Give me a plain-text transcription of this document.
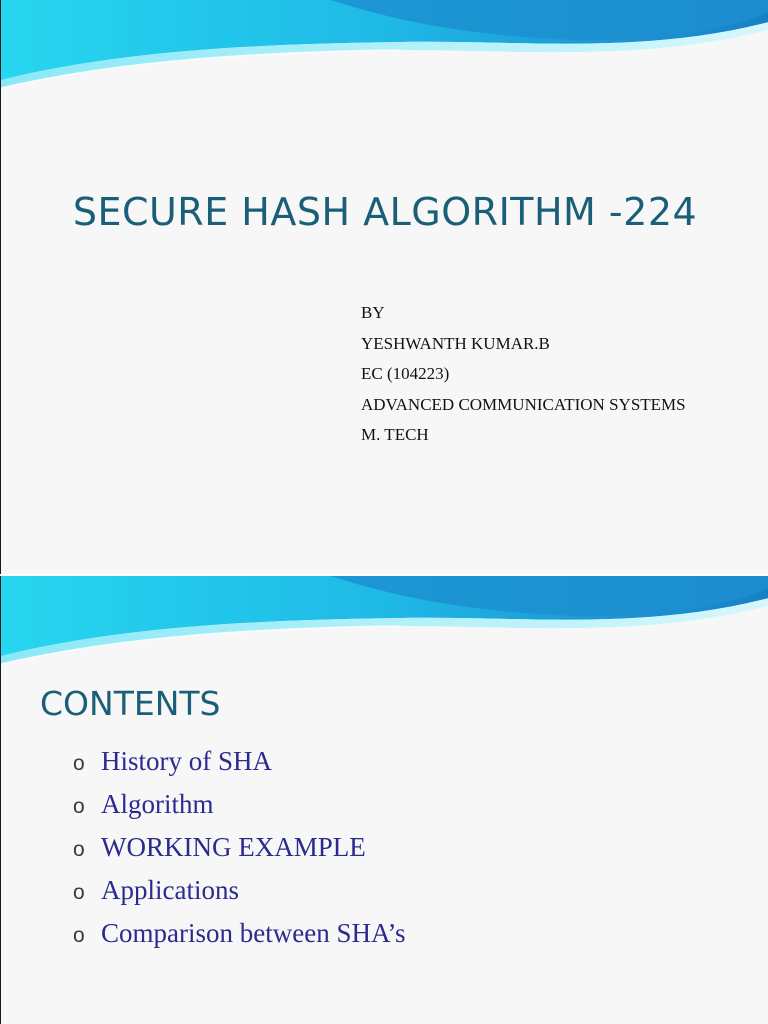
SECURE HASH ALGORITHM -224
BY
YESHWANTH KUMAR.B
EC (104223)
ADVANCED COMMUNICATION SYSTEMS
M. TECH
CONTENTS
o History of SHA
o Algorithm
o WORKING EXAMPLE
o Applications
o Comparison between SHA’s
